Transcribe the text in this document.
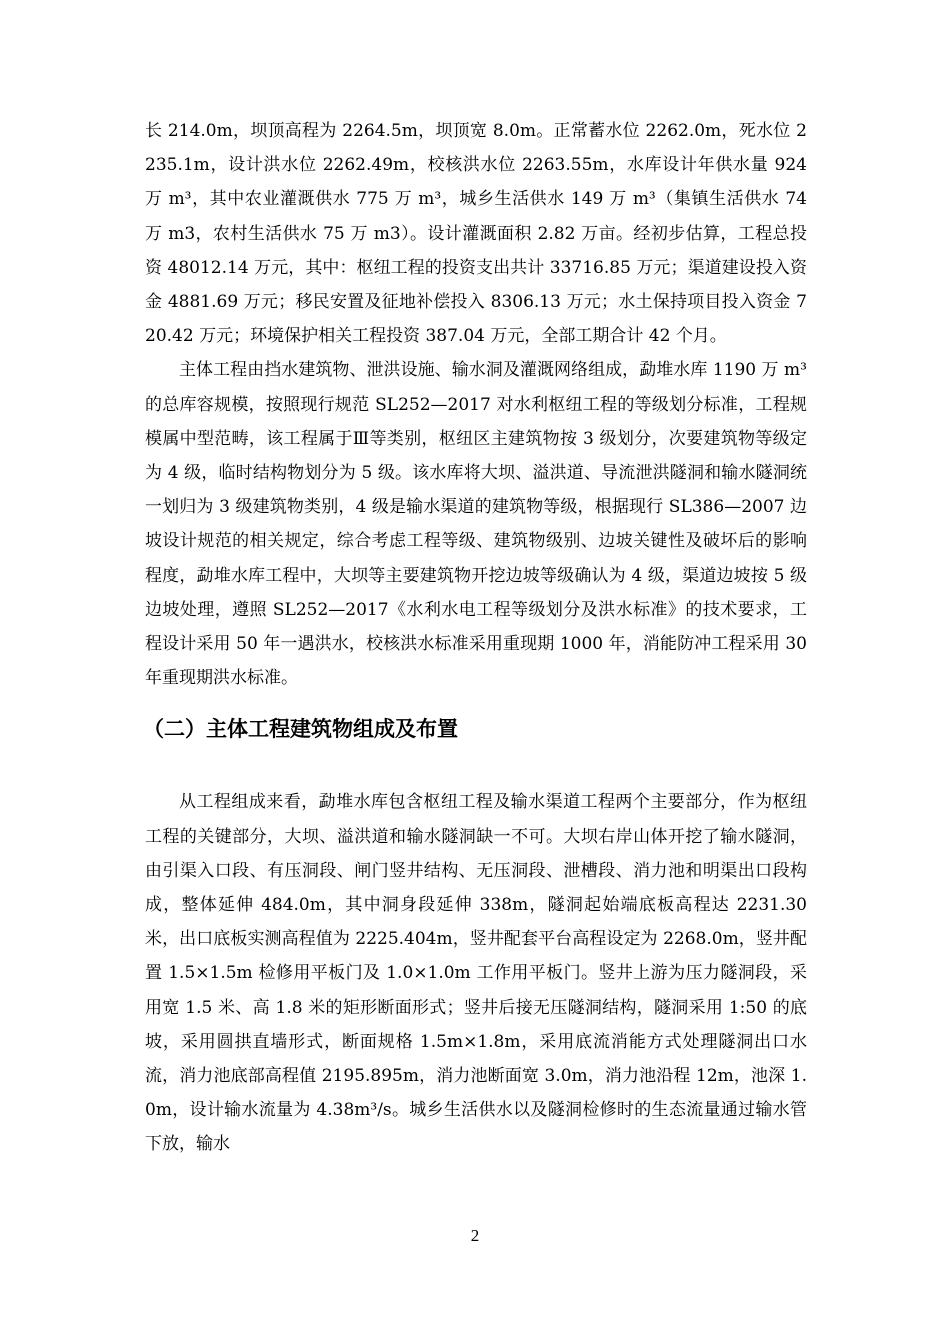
长 214.0m，坝顶高程为 2264.5m，坝顶宽 8.0m。正常蓄水位 2262.0m，死水位 2235.1m，设计洪水位 2262.49m，校核洪水位 2263.55m，水库设计年供水量 924 万 m³，其中农业灌溉供水 775 万 m³，城乡生活供水 149 万 m³（集镇生活供水 74 万 m3，农村生活供水 75 万 m3）。设计灌溉面积 2.82 万亩。经初步估算，工程总投资 48012.14 万元，其中：枢纽工程的投资支出共计 33716.85 万元；渠道建设投入资金 4881.69 万元；移民安置及征地补偿投入 8306.13 万元；水土保持项目投入资金 720.42 万元；环境保护相关工程投资 387.04 万元，全部工期合计 42 个月。

主体工程由挡水建筑物、泄洪设施、输水洞及灌溉网络组成，勐堆水库 1190 万 m³ 的总库容规模，按照现行规范 SL252—2017 对水利枢纽工程的等级划分标准，工程规模属中型范畴，该工程属于Ⅲ等类别，枢纽区主建筑物按 3 级划分，次要建筑物等级定为 4 级，临时结构物划分为 5 级。该水库将大坝、溢洪道、导流泄洪隧洞和输水隧洞统一划归为 3 级建筑物类别，4 级是输水渠道的建筑物等级，根据现行 SL386—2007 边坡设计规范的相关规定，综合考虑工程等级、建筑物级别、边坡关键性及破坏后的影响程度，勐堆水库工程中，大坝等主要建筑物开挖边坡等级确认为 4 级，渠道边坡按 5 级边坡处理，遵照 SL252—2017《水利水电工程等级划分及洪水标准》的技术要求，工程设计采用 50 年一遇洪水，校核洪水标准采用重现期 1000 年，消能防冲工程采用 30 年重现期洪水标准。

（二）主体工程建筑物组成及布置

从工程组成来看，勐堆水库包含枢纽工程及输水渠道工程两个主要部分，作为枢纽工程的关键部分，大坝、溢洪道和输水隧洞缺一不可。大坝右岸山体开挖了输水隧洞，由引渠入口段、有压洞段、闸门竖井结构、无压洞段、泄槽段、消力池和明渠出口段构成，整体延伸 484.0m，其中洞身段延伸 338m，隧洞起始端底板高程达 2231.30 米，出口底板实测高程值为 2225.404m，竖井配套平台高程设定为 2268.0m，竖井配置 1.5×1.5m 检修用平板门及 1.0×1.0m 工作用平板门。竖井上游为压力隧洞段，采用宽 1.5 米、高 1.8 米的矩形断面形式；竖井后接无压隧洞结构，隧洞采用 1:50 的底坡，采用圆拱直墙形式，断面规格 1.5m×1.8m，采用底流消能方式处理隧洞出口水流，消力池底部高程值 2195.895m，消力池断面宽 3.0m，消力池沿程 12m，池深 1.0m，设计输水流量为 4.38m³/s。城乡生活供水以及隧洞检修时的生态流量通过输水管下放，输水

2
